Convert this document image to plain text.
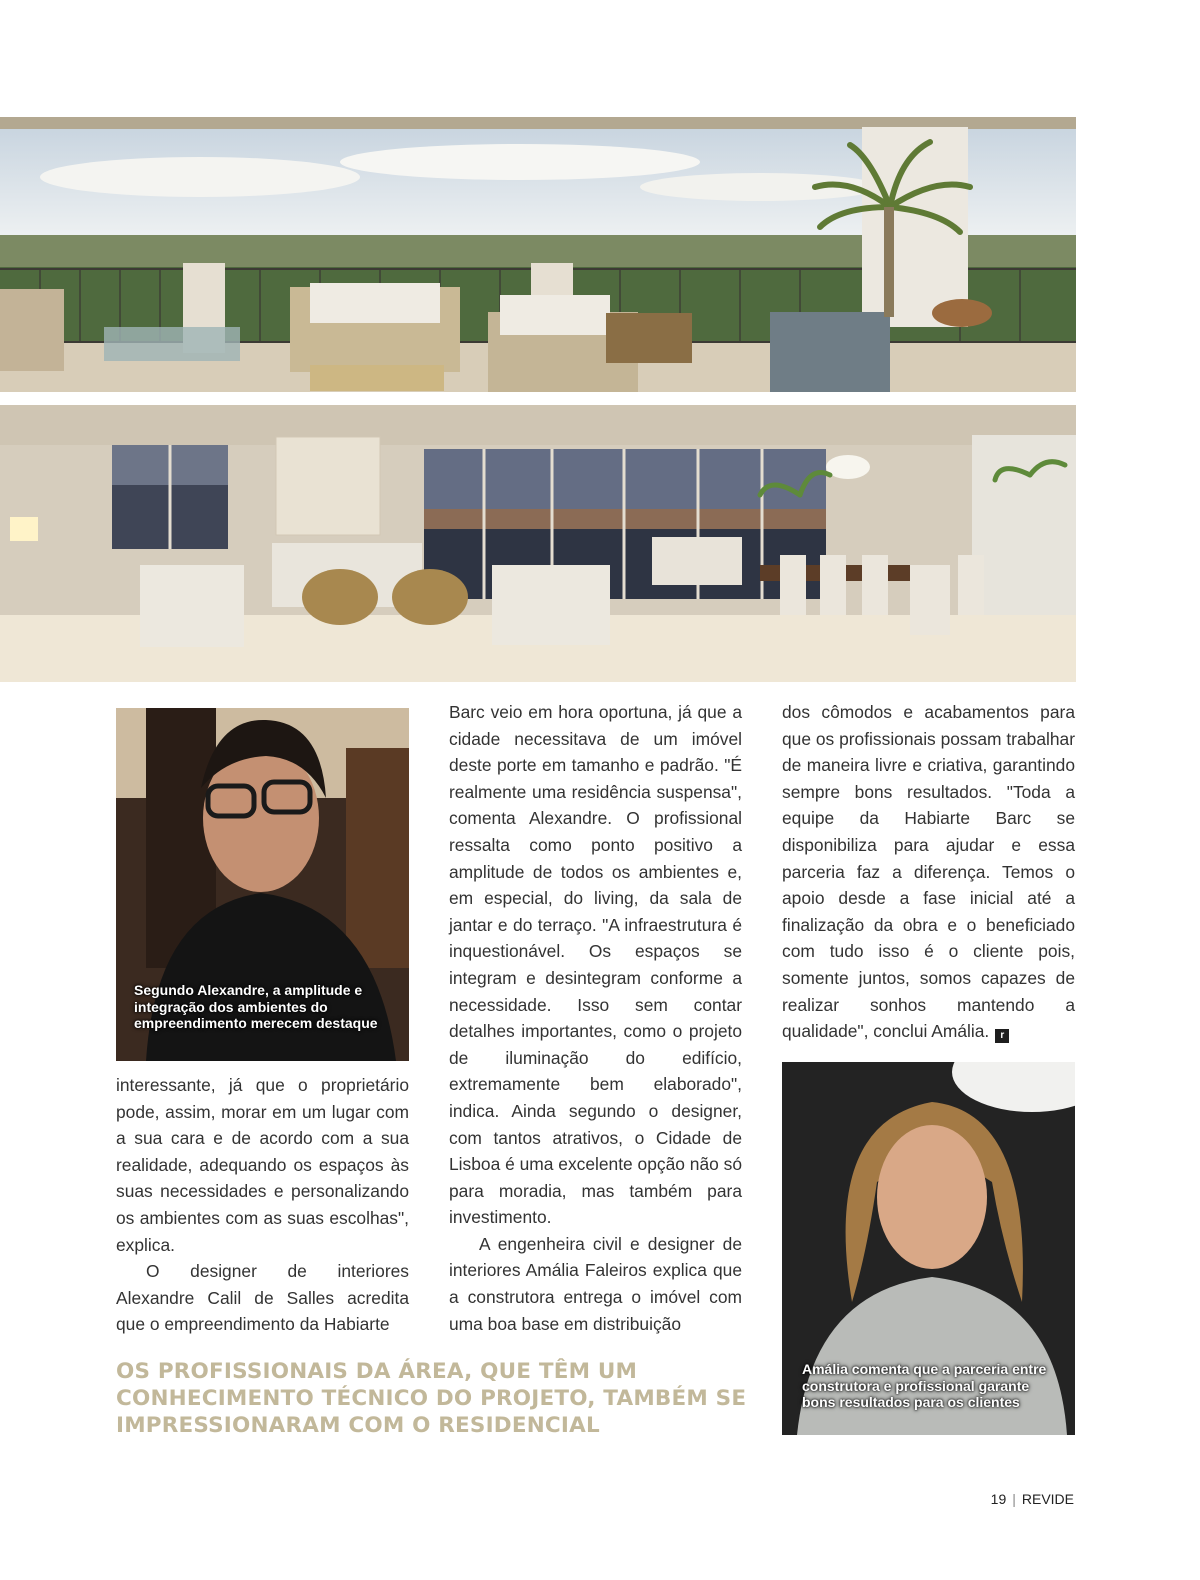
Segundo Alexandre, a amplitude e integração dos ambientes do empreendimento merecem destaque

interessante, já que o proprietário pode, assim, morar em um lugar com a sua cara e de acordo com a sua realidade, adequando os espaços às suas necessidades e personalizando os ambientes com as suas escolhas", explica.

O designer de interiores Alexandre Calil de Salles acredita que o empreendimento da Habiarte

Barc veio em hora oportuna, já que a cidade necessitava de um imóvel deste porte em tamanho e padrão. "É realmente uma residência suspensa", comenta Alexandre. O profissional ressalta como ponto positivo a amplitude de todos os ambientes e, em especial, do living, da sala de jantar e do terraço. "A infraestrutura é inquestionável. Os espaços se integram e desintegram conforme a necessidade. Isso sem contar detalhes importantes, como o projeto de iluminação do edifício, extremamente bem elaborado", indica. Ainda segundo o designer, com tantos atrativos, o Cidade de Lisboa é uma excelente opção não só para moradia, mas também para investimento.

A engenheira civil e designer de interiores Amália Faleiros explica que a construtora entrega o imóvel com uma boa base em distribuição

dos cômodos e acabamentos para que os profissionais possam trabalhar de maneira livre e criativa, garantindo sempre bons resultados. "Toda a equipe da Habiarte Barc se disponibiliza para ajudar e essa parceria faz a diferença. Temos o apoio desde a fase inicial até a finalização da obra e o beneficiado com tudo isso é o cliente pois, somente juntos, somos capazes de realizar sonhos mantendo a qualidade", conclui Amália. r

Amália comenta que a parceria entre construtora e profissional garante bons resultados para os clientes

OS PROFISSIONAIS DA ÁREA, QUE TÊM UM CONHECIMENTO TÉCNICO DO PROJETO, TAMBÉM SE IMPRESSIONARAM COM O RESIDENCIAL

19 | REVIDE
